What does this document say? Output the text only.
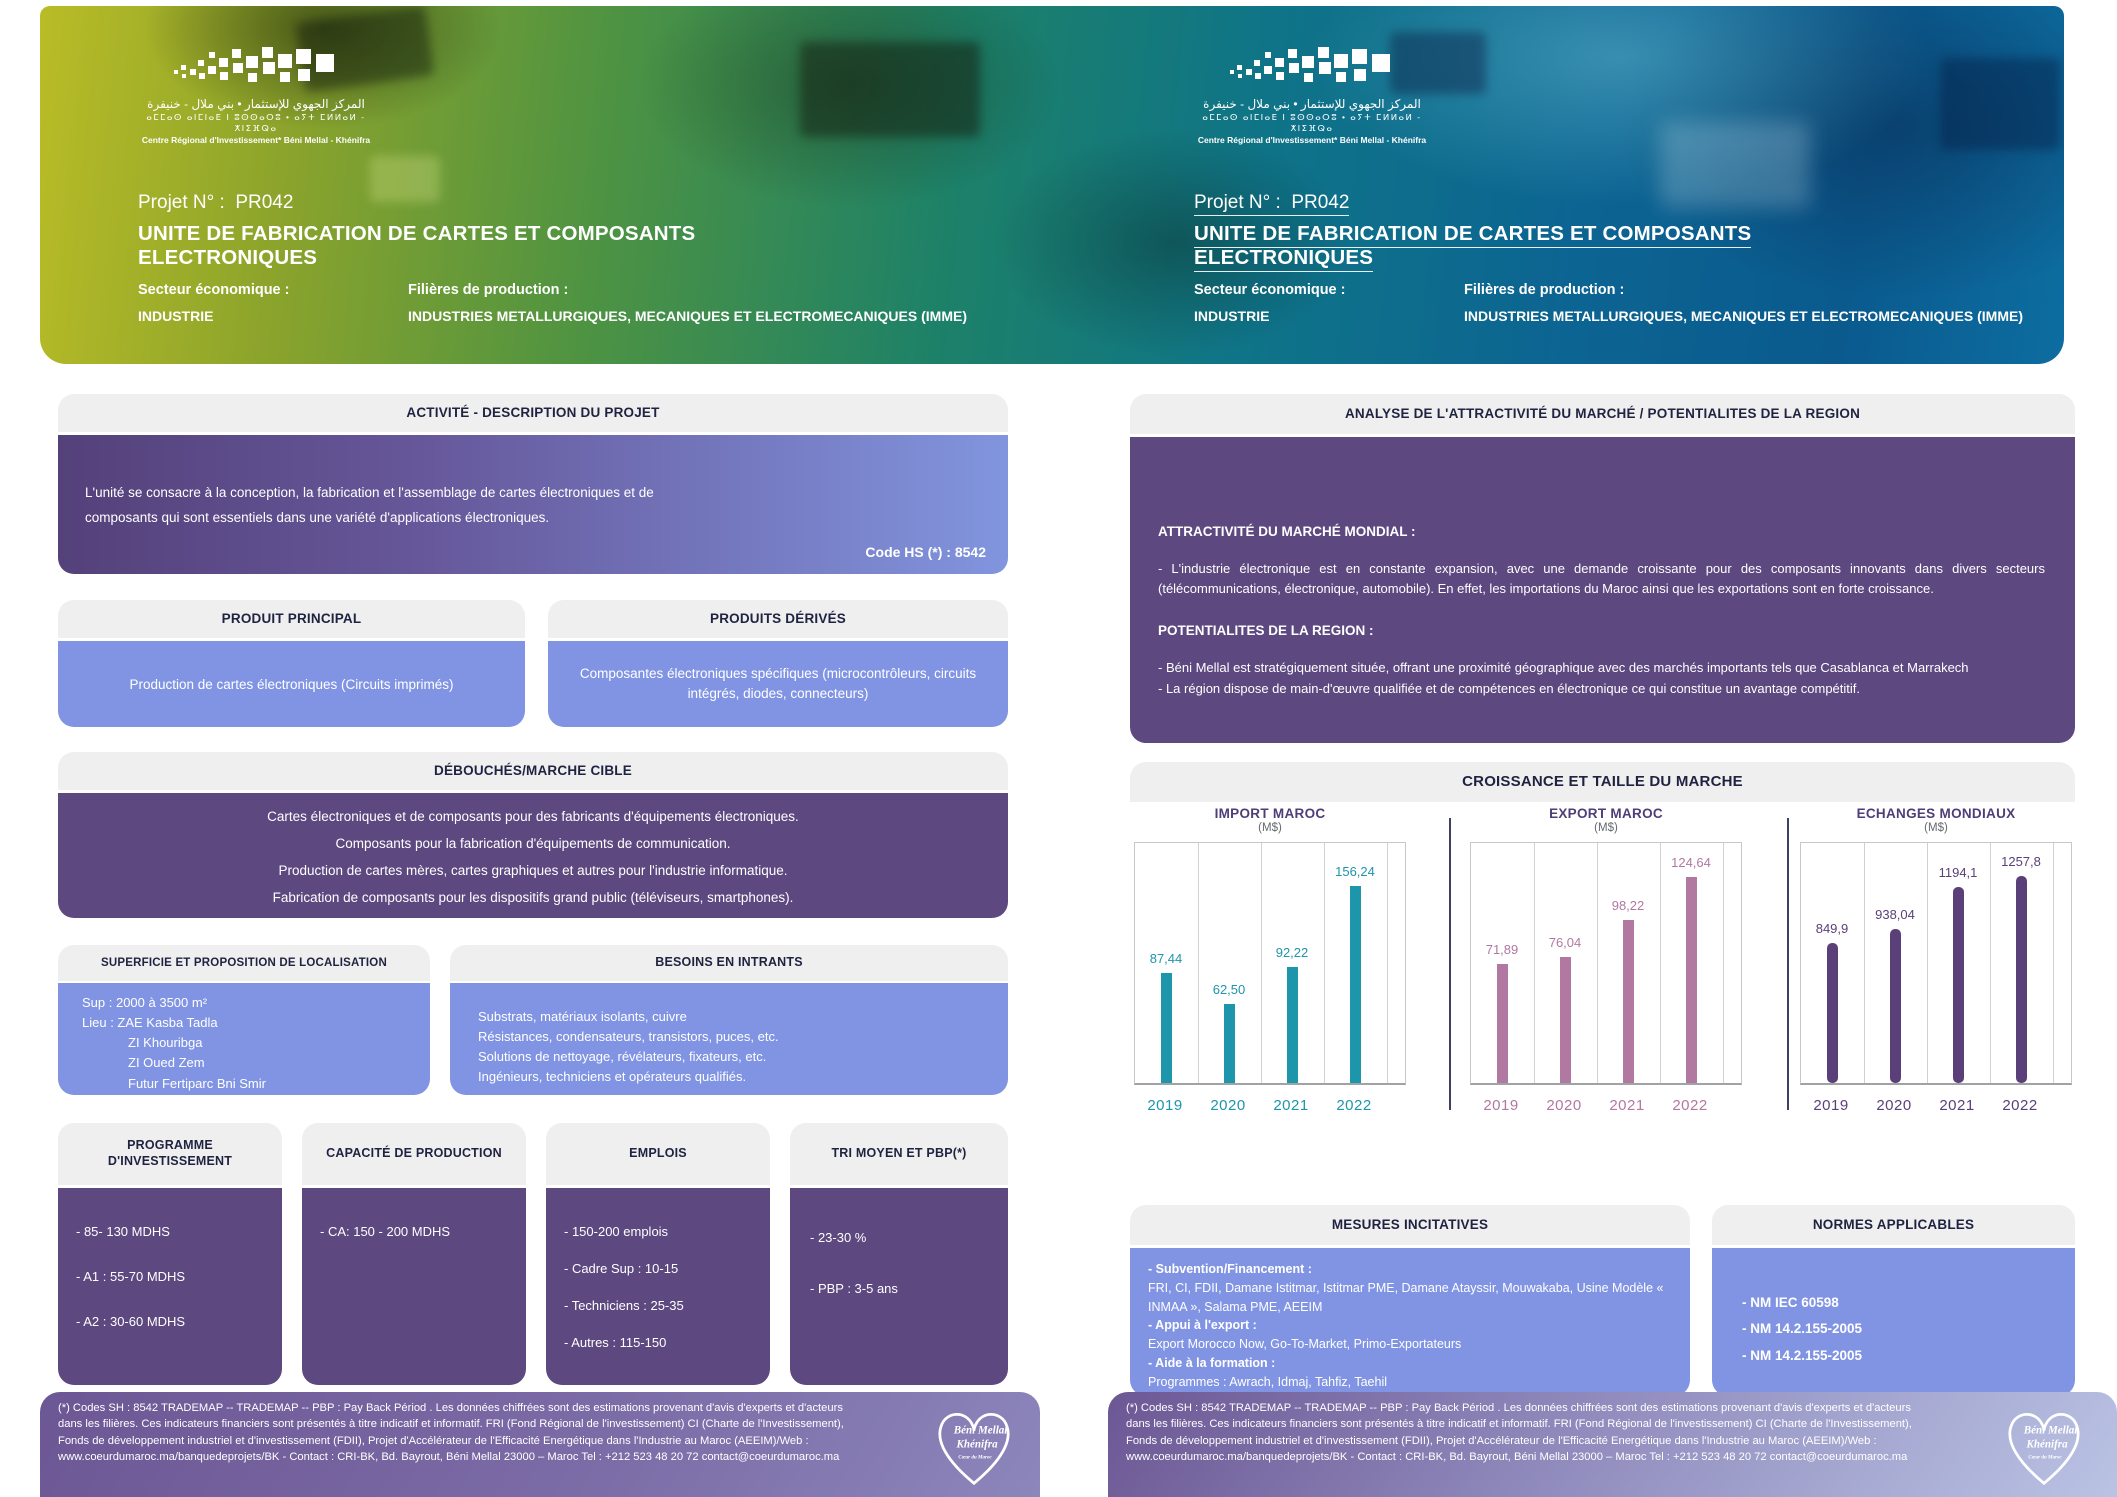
المركز الجهوي للإستثمار • بني ملال - خنيفرة
ⴰⵎⵎⴰⵙ ⴰⵏⵎⵏⴰⴹ ⵏ ⵓⵙⵙⴰⵔⵓ • ⴰⵢⵜ ⵎⵍⵍⴰⵍ - ⵅⵏⵉⴼⵕⴰ
Centre Régional d'Investissement* Béni Mellal - Khénifra
Projet N° :  PR042
UNITE DE FABRICATION DE CARTES ET COMPOSANTS ELECTRONIQUES
Secteur économique :
INDUSTRIE
Filières de production :
INDUSTRIES METALLURGIQUES, MECANIQUES ET ELECTROMECANIQUES (IMME)
المركز الجهوي للإستثمار • بني ملال - خنيفرة
ⴰⵎⵎⴰⵙ ⴰⵏⵎⵏⴰⴹ ⵏ ⵓⵙⵙⴰⵔⵓ • ⴰⵢⵜ ⵎⵍⵍⴰⵍ - ⵅⵏⵉⴼⵕⴰ
Centre Régional d'Investissement* Béni Mellal - Khénifra
Projet N° :  PR042
UNITE DE FABRICATION DE CARTES ET COMPOSANTS ELECTRONIQUES
Secteur économique :
INDUSTRIE
Filières de production :
INDUSTRIES METALLURGIQUES, MECANIQUES ET ELECTROMECANIQUES (IMME)
ACTIVITÉ - DESCRIPTION DU PROJET
L'unité se consacre à la conception, la fabrication et l'assemblage de cartes électroniques et de composants qui sont essentiels dans une variété d'applications électroniques.
Code HS (*) : 8542
PRODUIT PRINCIPAL
Production de cartes électroniques (Circuits imprimés)
PRODUITS DÉRIVÉS
Composantes électroniques spécifiques (microcontrôleurs, circuits intégrés, diodes, connecteurs)
DÉBOUCHÉS/MARCHE CIBLE
Cartes électroniques et de composants pour des fabricants d'équipements électroniques.
Composants pour la fabrication d'équipements de communication.
Production de cartes mères, cartes graphiques et autres pour l'industrie informatique.
Fabrication de composants pour les dispositifs grand public (téléviseurs, smartphones).
SUPERFICIE ET PROPOSITION DE LOCALISATION
Sup : 2000 à 3500 m²
Lieu : ZAE Kasba Tadla
ZI Khouribga
ZI Oued Zem
Futur Fertiparc Bni Smir
BESOINS EN INTRANTS
Substrats, matériaux isolants, cuivre
Résistances, condensateurs, transistors, puces, etc.
Solutions de nettoyage, révélateurs, fixateurs, etc.
Ingénieurs, techniciens et opérateurs qualifiés.
PROGRAMME D'INVESTISSEMENT
- 85- 130 MDHS
- A1 : 55-70 MDHS
- A2 : 30-60 MDHS
CAPACITÉ DE PRODUCTION
- CA: 150 - 200 MDHS
EMPLOIS
- 150-200 emplois
- Cadre Sup : 10-15
- Techniciens : 25-35
- Autres : 115-150
TRI MOYEN ET PBP(*)
- 23-30 %
- PBP : 3-5 ans
ANALYSE DE L'ATTRACTIVITÉ DU MARCHÉ / POTENTIALITES DE LA REGION
ATTRACTIVITÉ DU MARCHÉ MONDIAL :
- L'industrie électronique est en constante expansion, avec une demande croissante pour des composants innovants dans divers secteurs (télécommunications, électronique, automobile). En effet, les importations du Maroc ainsi que les exportations sont en forte croissance.
POTENTIALITES DE LA REGION :
- Béni Mellal est stratégiquement située, offrant une proximité géographique avec des marchés importants tels que Casablanca et Marrakech
- La région dispose de main-d'œuvre qualifiée et de compétences en électronique ce qui constitue un avantage compétitif.
CROISSANCE ET TAILLE DU MARCHE
IMPORT MAROC
(M$)
87,44
62,50
92,22
156,24
2019 2020 2021 2022
EXPORT MAROC
(M$)
71,89 76,04
98,22
124,64
2019 2020 2021 2022
ECHANGES MONDIAUX
(M$)
849,9
938,04
1194,1
1257,8
2019 2020 2021 2022
MESURES INCITATIVES
- Subvention/Financement :
FRI, CI, FDII, Damane Istitmar, Istitmar PME, Damane Atayssir, Mouwakaba, Usine Modèle « INMAA », Salama PME, AEEIM
- Appui à l'export :
Export Morocco Now, Go-To-Market, Primo-Exportateurs
- Aide à la formation :
Programmes : Awrach, Idmaj, Tahfiz, Taehil
NORMES APPLICABLES
- NM IEC 60598
- NM 14.2.155-2005
- NM 14.2.155-2005
(*) Codes SH : 8542 TRADEMAP -- TRADEMAP -- PBP : Pay Back Périod . Les données chiffrées sont des estimations provenant d'avis d'experts et d'acteurs dans les filières. Ces indicateurs financiers sont présentés à titre indicatif et informatif. FRI (Fond Régional de l'investissement) CI (Charte de l'Investissement), Fonds de développement industriel et d'investissement (FDII), Projet d'Accélérateur de l'Efficacité Energétique dans l'Industrie au Maroc (AEEIM)/Web : www.coeurdumaroc.ma/banquedeprojets/BK - Contact : CRI-BK, Bd. Bayrout, Béni Mellal 23000 – Maroc Tel : +212 523 48 20 72 contact@coeurdumaroc.ma
Béni Mellal
Khénifra
Cœur du Maroc
(*) Codes SH : 8542 TRADEMAP -- TRADEMAP -- PBP : Pay Back Périod . Les données chiffrées sont des estimations provenant d'avis d'experts et d'acteurs dans les filières. Ces indicateurs financiers sont présentés à titre indicatif et informatif. FRI (Fond Régional de l'investissement) CI (Charte de l'Investissement), Fonds de développement industriel et d'investissement (FDII), Projet d'Accélérateur de l'Efficacité Energétique dans l'Industrie au Maroc (AEEIM)/Web : www.coeurdumaroc.ma/banquedeprojets/BK - Contact : CRI-BK, Bd. Bayrout, Béni Mellal 23000 – Maroc Tel : +212 523 48 20 72 contact@coeurdumaroc.ma
Béni Mellal
Khénifra
Cœur du Maroc
